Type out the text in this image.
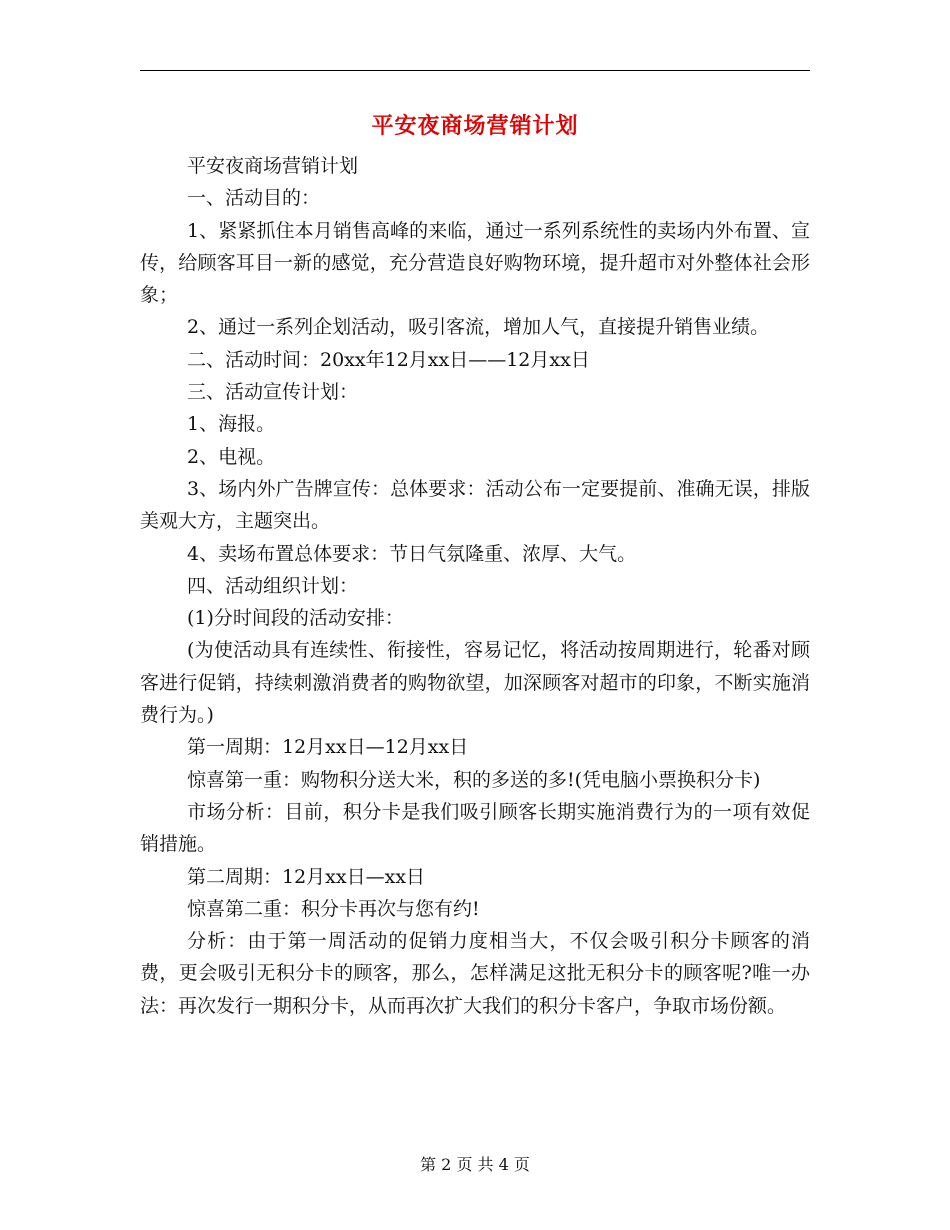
平安夜商场营销计划

平安夜商场营销计划

一、活动目的：

1、紧紧抓住本月销售高峰的来临，通过一系列系统性的卖场内外布置、宣传，给顾客耳目一新的感觉，充分营造良好购物环境，提升超市对外整体社会形象；

2、通过一系列企划活动，吸引客流，增加人气，直接提升销售业绩。

二、活动时间：20xx年12月xx日——12月xx日

三、活动宣传计划：

1、海报。

2、电视。

3、场内外广告牌宣传：总体要求：活动公布一定要提前、准确无误，排版美观大方，主题突出。

4、卖场布置总体要求：节日气氛隆重、浓厚、大气。

四、活动组织计划：

(1)分时间段的活动安排：

(为使活动具有连续性、衔接性，容易记忆，将活动按周期进行，轮番对顾客进行促销，持续刺激消费者的购物欲望，加深顾客对超市的印象，不断实施消费行为。)

第一周期：12月xx日—12月xx日

惊喜第一重：购物积分送大米，积的多送的多!(凭电脑小票换积分卡)

市场分析：目前，积分卡是我们吸引顾客长期实施消费行为的一项有效促销措施。

第二周期：12月xx日—xx日

惊喜第二重：积分卡再次与您有约!

分析：由于第一周活动的促销力度相当大，不仅会吸引积分卡顾客的消费，更会吸引无积分卡的顾客，那么，怎样满足这批无积分卡的顾客呢?唯一办法：再次发行一期积分卡，从而再次扩大我们的积分卡客户，争取市场份额。

第 2 页 共 4 页
